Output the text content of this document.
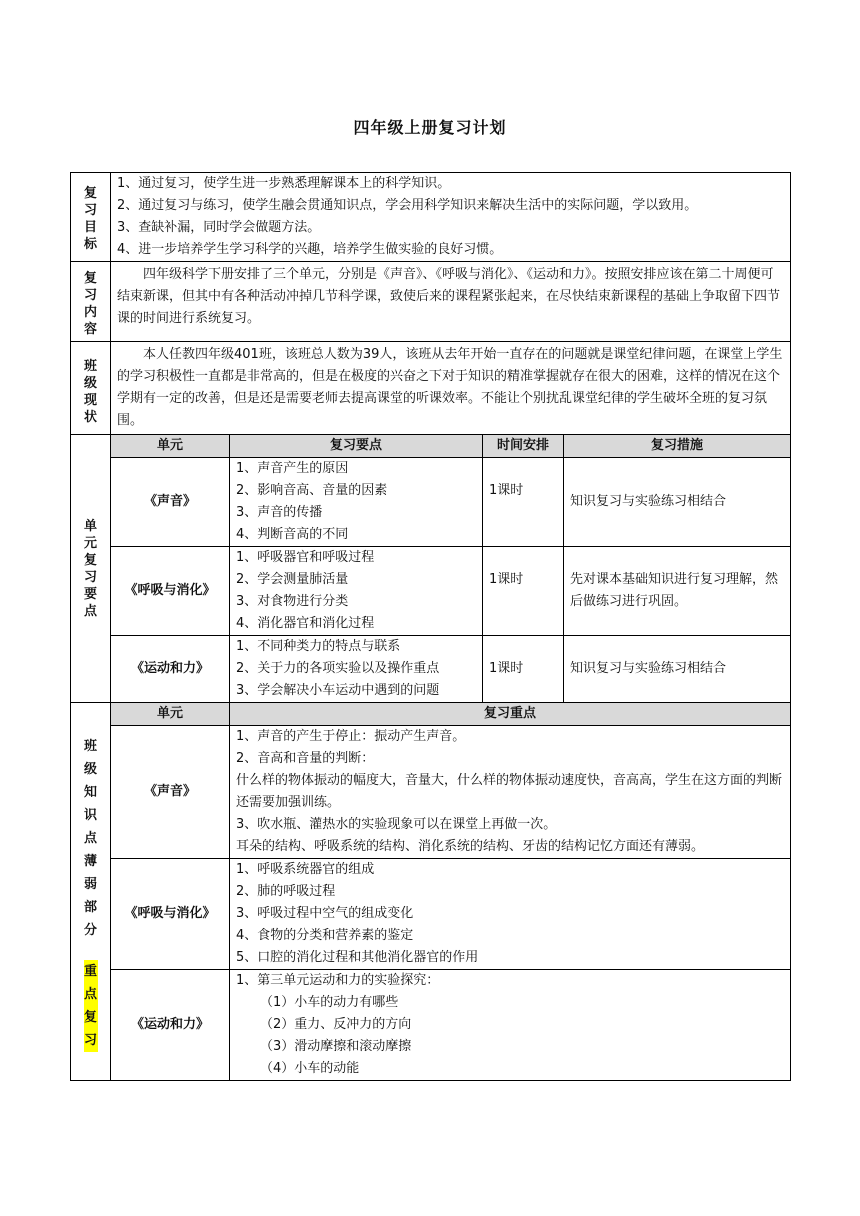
四年级上册复习计划
复习目标	1、通过复习，使学生进一步熟悉理解课本上的科学知识。
2、通过复习与练习，使学生融会贯通知识点，学会用科学知识来解决生活中的实际问题，学以致用。
3、查缺补漏，同时学会做题方法。
4、进一步培养学生学习科学的兴趣，培养学生做实验的良好习惯。			

复习内容	四年级科学下册安排了三个单元，分别是《声音》、《呼吸与消化》、《运动和力》。按照安排应该在第二十周便可结束新课，但其中有各种活动冲掉几节科学课，致使后来的课程紧张起来，在尽快结束新课程的基础上争取留下四节课的时间进行系统复习。			

班级现状	本人任教四年级401班，该班总人数为39人，该班从去年开始一直存在的问题就是课堂纪律问题，在课堂上学生的学习积极性一直都是非常高的，但是在极度的兴奋之下对于知识的精准掌握就存在很大的困难，这样的情况在这个学期有一定的改善，但是还是需要老师去提高课堂的听课效率。不能让个别扰乱课堂纪律的学生破坏全班的复习氛围。			

单元复习要点	单元	复习要点	时间安排	复习措施
	《声音》	1、声音产生的原因
2、影响音高、音量的因素
3、声音的传播
4、判断音高的不同	1课时	知识复习与实验练习相结合
	《呼吸与消化》	1、呼吸器官和呼吸过程
2、学会测量肺活量
3、对食物进行分类
4、消化器官和消化过程	1课时	先对课本基础知识进行复习理解，然后做练习进行巩固。
	《运动和力》	1、不同种类力的特点与联系
2、关于力的各项实验以及操作重点
3、学会解决小车运动中遇到的问题	1课时	知识复习与实验练习相结合
班级知识点薄弱部分
重点复习	单元	复习重点		
	《声音》	1、声音的产生于停止：振动产生声音。
2、音高和音量的判断：
什么样的物体振动的幅度大，音量大，什么样的物体振动速度快，音高高，学生在这方面的判断还需要加强训练。
3、吹水瓶、灌热水的实验现象可以在课堂上再做一次。
耳朵的结构、呼吸系统的结构、消化系统的结构、牙齿的结构记忆方面还有薄弱。		

	《呼吸与消化》	1、呼吸系统器官的组成
2、肺的呼吸过程
3、呼吸过程中空气的组成变化
4、食物的分类和营养素的鉴定
5、口腔的消化过程和其他消化器官的作用		

	《运动和力》	1、第三单元运动和力的实验探究：
（1）小车的动力有哪些
（2）重力、反冲力的方向
（3）滑动摩擦和滚动摩擦
（4）小车的动能		
